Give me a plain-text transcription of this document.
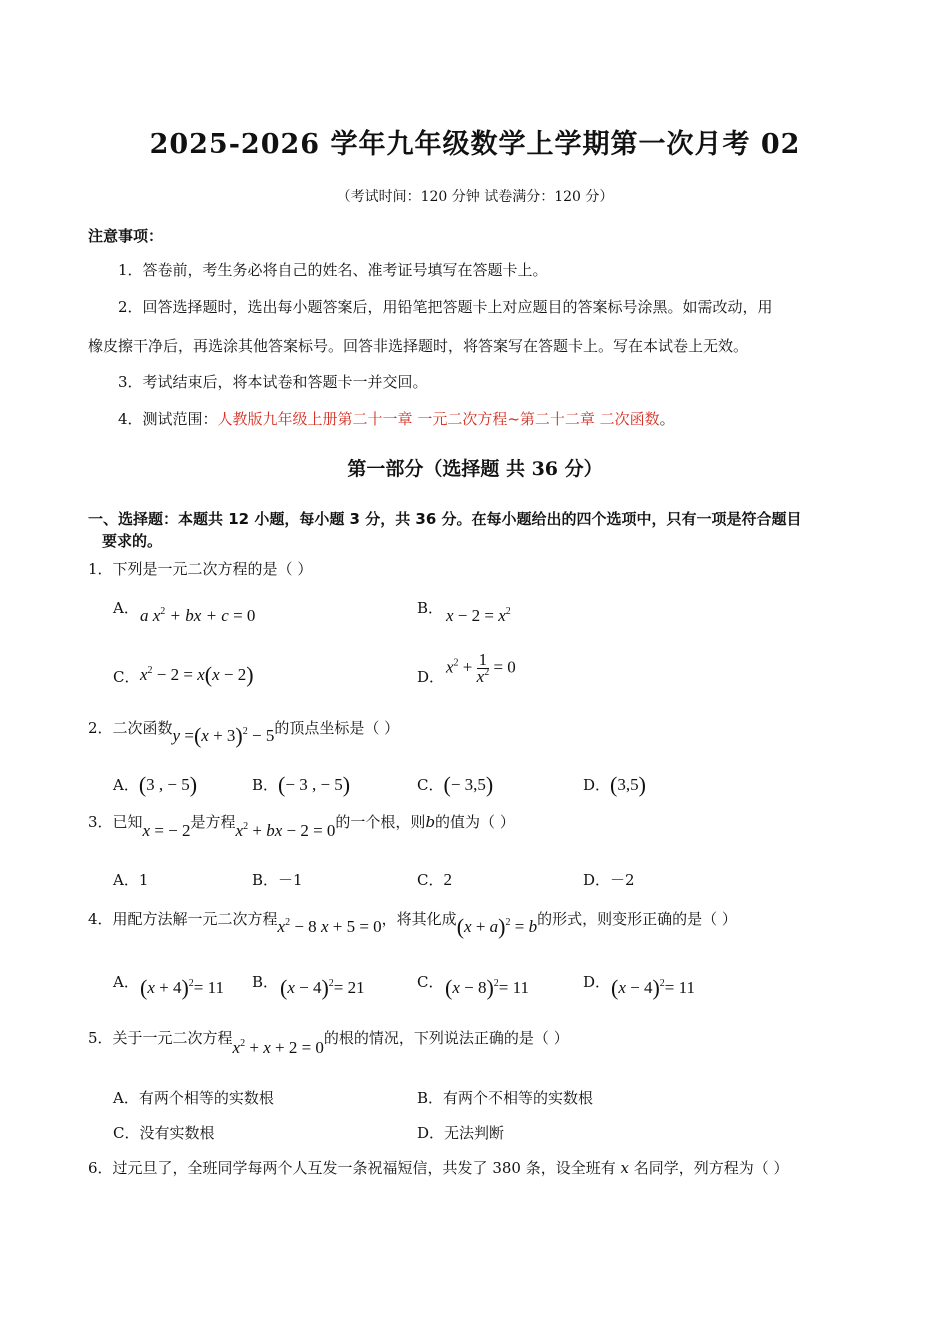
2025-2026 学年九年级数学上学期第一次月考 02
（考试时间：120 分钟 试卷满分：120 分）
注意事项：
1．答卷前，考生务必将自己的姓名、准考证号填写在答题卡上。
2．回答选择题时，选出每小题答案后，用铅笔把答题卡上对应题目的答案标号涂黑。如需改动，用
橡皮擦干净后，再选涂其他答案标号。回答非选择题时，将答案写在答题卡上。写在本试卷上无效。
3．考试结束后，将本试卷和答题卡一并交回。
4．测试范围：人教版九年级上册第二十一章 一元二次方程~第二十二章 二次函数。
第一部分（选择题 共 36 分）
一、选择题：本题共 12 小题，每小题 3 分，共 36 分。在每小题给出的四个选项中，只有一项是符合题目
要求的。
1．下列是一元二次方程的是（ ）
A． a $x^2$ + bx + c = 0	B． $x - 2 = x^2$
C． $x^2 - 2 = x(x - 2)$	D．
$x^2 + \frac{1}{x^2} = 0$
2．二次函数$y =(x + 3)^2 - 5$的顶点坐标是（ ）
A．(3 , − 5)	B．(− 3 , − 5)	C．(− 3,5)	D．(3,5)
3．已知x = − 2是方程$x^2$ + bx − 2 = 0的一个根，则b的值为（ ）
A．1	B．－1	C．2	D．－2
4．用配方法解一元二次方程$x^2 - 8$ x + 5 = 0，将其化成$(x + a)^2 = b$的形式，则变形正确的是（ ）
A． $(x + 4)^2= 11$ B． $(x - 4)^2= 21$	C． $(x - 8)^2= 11$	D． $(x - 4)^2= 11$
5．关于一元二次方程$x^2 + x + 2 = 0$的根的情况，下列说法正确的是（ ）
A．有两个相等的实数根	B．有两个不相等的实数根
C．没有实数根	D．无法判断
6．过元旦了，全班同学每两个人互发一条祝福短信，共发了 380 条，设全班有 x 名同学，列方程为（ ）
